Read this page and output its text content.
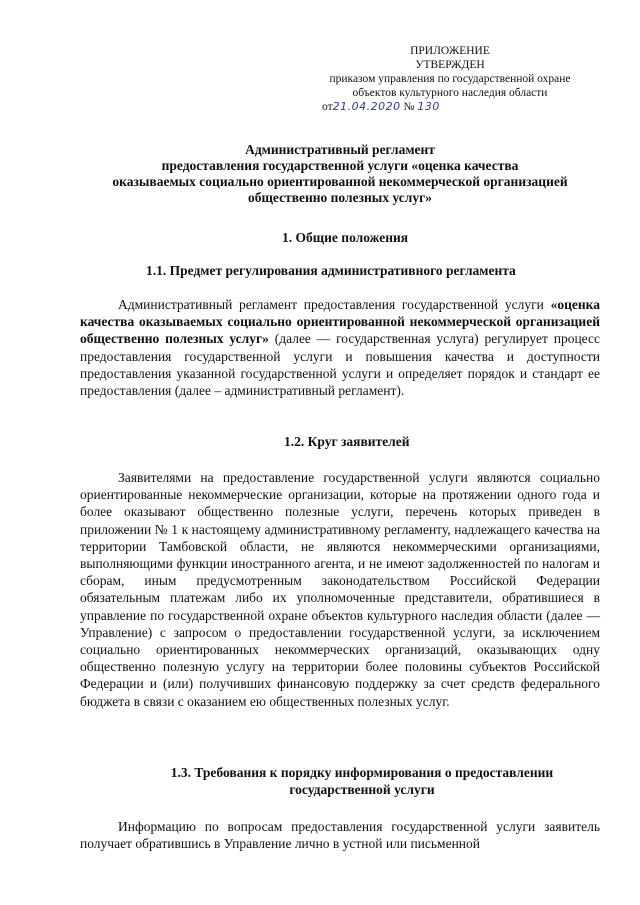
ПРИЛОЖЕНИЕ
УТВЕРЖДЕН
приказом управления по государственной охране
объектов культурного наследия области
от21.04.2020 № 130
Административный регламент
предоставления государственной услуги «оценка качества
оказываемых социально ориентированной некоммерческой организацией
общественно полезных услуг»
1. Общие положения
1.1. Предмет регулирования административного регламента
Административный регламент предоставления государственной услуги «оценка качества оказываемых социально ориентированной некоммерческой организацией общественно полезных услуг» (далее — государственная услуга) регулирует процесс предоставления государственной услуги и повышения качества и доступности предоставления указанной государственной услуги и определяет порядок и стандарт ее предоставления (далее – административный регламент).
1.2. Круг заявителей
Заявителями на предоставление государственной услуги являются социально ориентированные некоммерческие организации, которые на протяжении одного года и более оказывают общественно полезные услуги, перечень которых приведен в приложении № 1 к настоящему административному регламенту, надлежащего качества на территории Тамбовской области, не являются некоммерческими организациями, выполняющими функции иностранного агента, и не имеют задолженностей по налогам и сборам, иным предусмотренным законодательством Российской Федерации обязательным платежам либо их уполномоченные представители, обратившиеся в управление по государственной охране объектов культурного наследия области (далее — Управление) с запросом о предоставлении государственной услуги, за исключением социально ориентированных некоммерческих организаций, оказывающих одну общественно полезную услугу на территории более половины субъектов Российской Федерации и (или) получивших финансовую поддержку за счет средств федерального бюджета в связи с оказанием ею общественных полезных услуг.
1.3. Требования к порядку информирования о предоставлении
государственной услуги
Информацию по вопросам предоставления государственной услуги заявитель получает обратившись в Управление лично в устной или письменной
